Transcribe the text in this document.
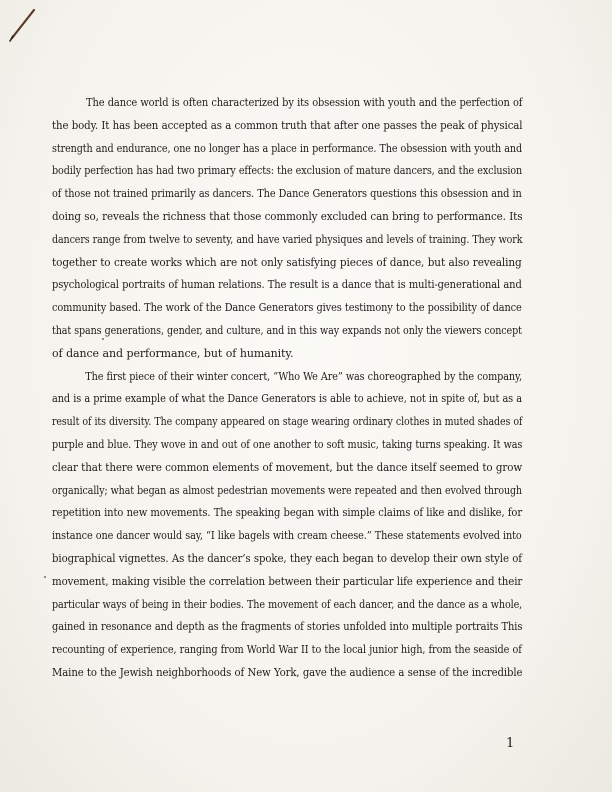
The dance world is often characterized by its obsession with youth and the perfection of
the body. It has been accepted as a common truth that after one passes the peak of physical
strength and endurance, one no longer has a place in performance. The obsession with youth and
bodily perfection has had two primary effects: the exclusion of mature dancers, and the exclusion
of those not trained primarily as dancers. The Dance Generators questions this obsession and in
doing so, reveals the richness that those commonly excluded can bring to performance. Its
dancers range from twelve to seventy, and have varied physiques and levels of training. They work
together to create works which are not only satisfying pieces of dance, but also revealing
psychological portraits of human relations. The result is a dance that is multi-generational and
community based. The work of the Dance Generators gives testimony to the possibility of dance
that spans generations, gender, and culture, and in this way expands not only the viewers concept
of dance and performance, but of humanity.
The first piece of their winter concert, “Who We Are” was choreographed by the company,
and is a prime example of what the Dance Generators is able to achieve, not in spite of, but as a
result of its diversity. The company appeared on stage wearing ordinary clothes in muted shades of
purple and blue. They wove in and out of one another to soft music, taking turns speaking. It was
clear that there were common elements of movement, but the dance itself seemed to grow
organically; what began as almost pedestrian movements were repeated and then evolved through
repetition into new movements. The speaking began with simple claims of like and dislike, for
instance one dancer would say, “I like bagels with cream cheese.” These statements evolved into
biographical vignettes. As the dancer’s spoke, they each began to develop their own style of
movement, making visible the correlation between their particular life experience and their
particular ways of being in their bodies. The movement of each dancer, and the dance as a whole,
gained in resonance and depth as the fragments of stories unfolded into multiple portraits This
recounting of experience, ranging from World War II to the local junior high, from the seaside of
Maine to the Jewish neighborhoods of New York, gave the audience a sense of the incredible
1
